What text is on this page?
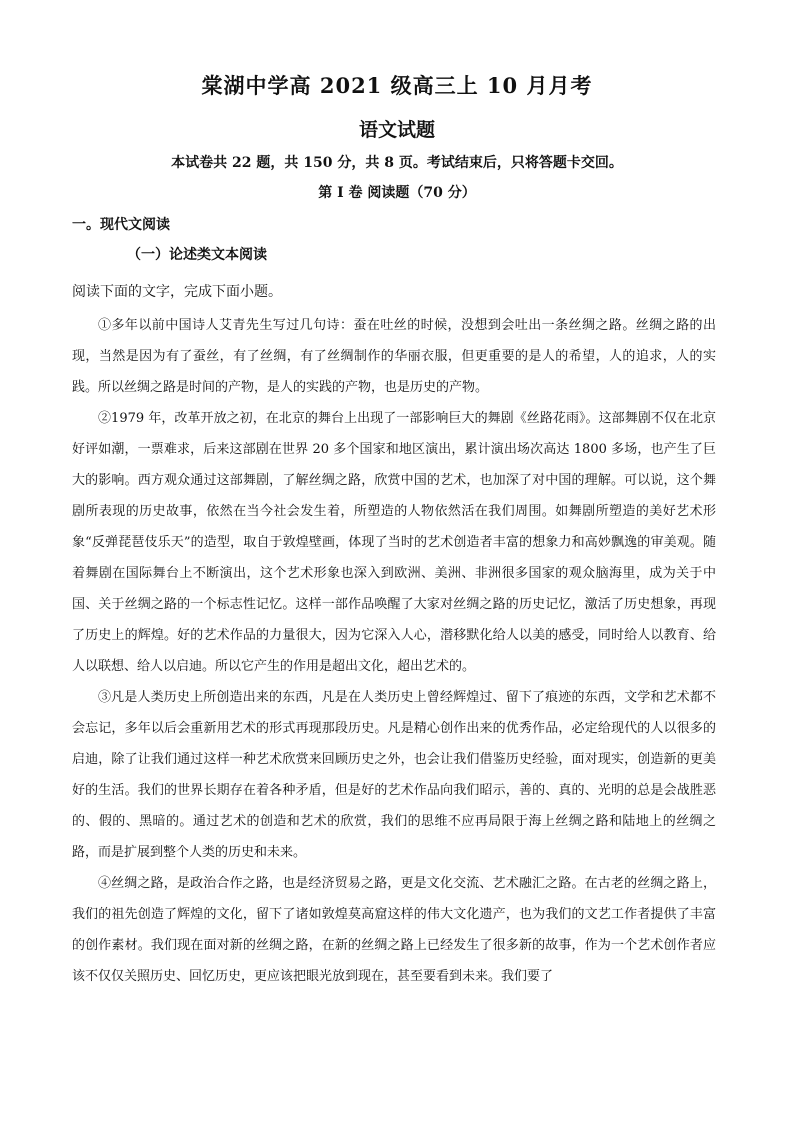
棠湖中学高 2021 级高三上 10 月月考
语文试题
本试卷共 22 题，共 150 分，共 8 页。考试结束后，只将答题卡交回。
第 I 卷 阅读题（70 分）
一。现代文阅读
（一）论述类文本阅读
阅读下面的文字，完成下面小题。

①多年以前中国诗人艾青先生写过几句诗：蚕在吐丝的时候，没想到会吐出一条丝绸之路。丝绸之路的出现，当然是因为有了蚕丝，有了丝绸，有了丝绸制作的华丽衣服，但更重要的是人的希望，人的追求，人的实践。所以丝绸之路是时间的产物，是人的实践的产物，也是历史的产物。

②1979 年，改革开放之初，在北京的舞台上出现了一部影响巨大的舞剧《丝路花雨》。这部舞剧不仅在北京好评如潮，一票难求，后来这部剧在世界 20 多个国家和地区演出，累计演出场次高达 1800 多场，也产生了巨大的影响。西方观众通过这部舞剧，了解丝绸之路，欣赏中国的艺术，也加深了对中国的理解。可以说，这个舞剧所表现的历史故事，依然在当今社会发生着，所塑造的人物依然活在我们周围。如舞剧所塑造的美好艺术形象“反弹琵琶伎乐天”的造型，取自于敦煌壁画，体现了当时的艺术创造者丰富的想象力和高妙飘逸的审美观。随着舞剧在国际舞台上不断演出，这个艺术形象也深入到欧洲、美洲、非洲很多国家的观众脑海里，成为关于中国、关于丝绸之路的一个标志性记忆。这样一部作品唤醒了大家对丝绸之路的历史记忆，激活了历史想象，再现了历史上的辉煌。好的艺术作品的力量很大，因为它深入人心，潜移默化给人以美的感受，同时给人以教育、给人以联想、给人以启迪。所以它产生的作用是超出文化，超出艺术的。

③凡是人类历史上所创造出来的东西，凡是在人类历史上曾经辉煌过、留下了痕迹的东西，文学和艺术都不会忘记，多年以后会重新用艺术的形式再现那段历史。凡是精心创作出来的优秀作品，必定给现代的人以很多的启迪，除了让我们通过这样一种艺术欣赏来回顾历史之外，也会让我们借鉴历史经验，面对现实，创造新的更美好的生活。我们的世界长期存在着各种矛盾，但是好的艺术作品向我们昭示，善的、真的、光明的总是会战胜恶的、假的、黑暗的。通过艺术的创造和艺术的欣赏，我们的思维不应再局限于海上丝绸之路和陆地上的丝绸之路，而是扩展到整个人类的历史和未来。

④丝绸之路，是政治合作之路，也是经济贸易之路，更是文化交流、艺术融汇之路。在古老的丝绸之路上，我们的祖先创造了辉煌的文化，留下了诸如敦煌莫高窟这样的伟大文化遗产，也为我们的文艺工作者提供了丰富的创作素材。我们现在面对新的丝绸之路，在新的丝绸之路上已经发生了很多新的故事，作为一个艺术创作者应该不仅仅关照历史、回忆历史，更应该把眼光放到现在，甚至要看到未来。我们要了
